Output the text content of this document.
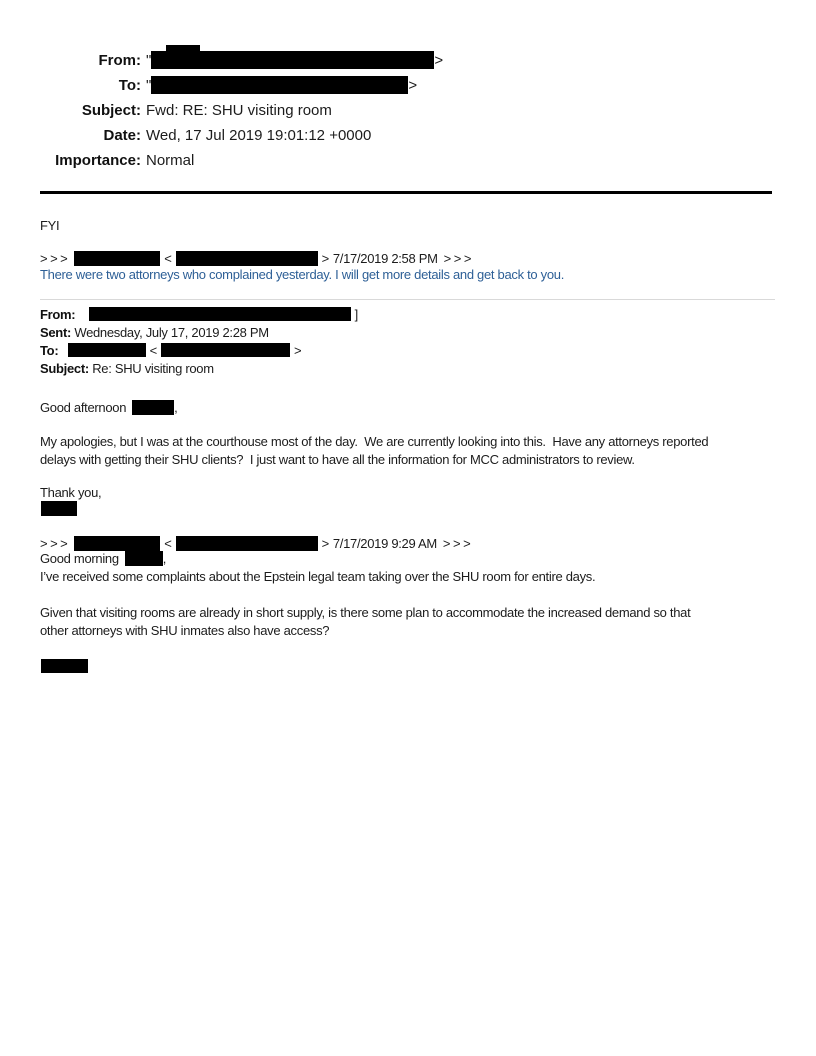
From: "	>
To: "	>
Subject: Fwd: RE: SHU visiting room
Date: Wed, 17 Jul 2019 19:01:12 +0000
Importance: Normal
FYI
>>>	<	> 7/17/2019 2:58 PM >>>
There were two attorneys who complained yesterday. I will get more details and get back to you.
From:	]
Sent: Wednesday, July 17, 2019 2:28 PM
To:	<	>
Subject: Re: SHU visiting room
Good afternoon	,
My apologies, but I was at the courthouse most of the day.  We are currently looking into this.  Have any attorneys reported
delays with getting their SHU clients?  I just want to have all the information for MCC administrators to review.
Thank you,
>>>	<	> 7/17/2019 9:29 AM >>>
Good morning	,
I’ve received some complaints about the Epstein legal team taking over the SHU room for entire days.
Given that visiting rooms are already in short supply, is there some plan to accommodate the increased demand so that
other attorneys with SHU inmates also have access?
